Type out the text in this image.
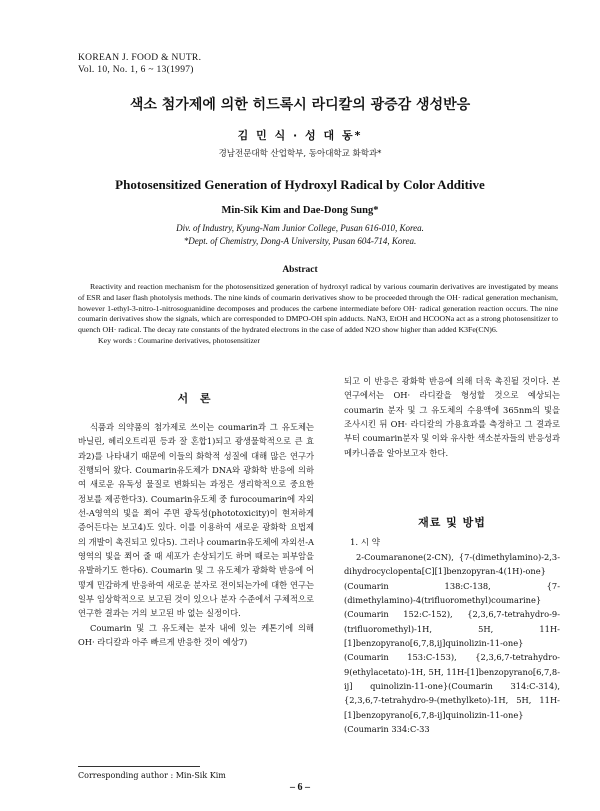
KOREAN J. FOOD & NUTR.
Vol. 10, No. 1, 6 ~ 13(1997)
색소 첨가제에 의한 히드록시 라디칼의 광증감 생성반응
김 민 식 · 성 대 동*
경남전문대학 산업학부, 동아대학교 화학과*
Photosensitized Generation of Hydroxyl Radical by Color Additive
Min-Sik Kim and Dae-Dong Sung*
Div. of Industry, Kyung-Nam Junior College, Pusan 616-010, Korea.
*Dept. of Chemistry, Dong-A University, Pusan 604-714, Korea.
Abstract

Reactivity and reaction mechanism for the photosensitized generation of hydroxyl radical by various coumarin derivatives are investigated by means of ESR and laser flash photolysis methods. The nine kinds of coumarin derivatives show to be proceeded through the OH· radical generation mechanism, however 1-ethyl-3-nitro-1-nitrosoguanidine decomposes and produces the carbene intermediate before OH· radical generation reaction occurs. The nine coumarin derivatives show the signals, which are corresponded to DMPO-OH spin adducts. NaN3, EtOH and HCOONa act as a strong photosensitizer to quench OH· radical. The decay rate constants of the hydrated electrons in the case of added N2O show higher than added K3Fe(CN)6.

Key words : Coumarine derivatives, photosensitizer

서 론

식품과 의약품의 첨가제로 쓰이는 coumarin과 그 유도체는 바닐린, 헤리오트리핀 등과 잘 혼합1)되고 광생물학적으로 큰 효과2)를 나타내기 때문에 이들의 화학적 성질에 대해 많은 연구가 진행되어 왔다. Coumarin유도체가 DNA와 광화학 반응에 의하여 새로운 유독성 물질로 변화되는 과정은 생리학적으로 중요한 정보를 제공한다3). Coumarin유도체 중 furocoumarin에 자외선-A영역의 빛을 쬐어 주면 광독성(phototoxicity)이 현저하게 증어든다는 보고4)도 있다. 이를 이용하여 새로운 광화학 요법제의 개발이 촉진되고 있다5). 그러나 coumarin유도체에 자외선-A영역의 빛을 쬐어 줄 때 세포가 손상되기도 하며 때로는 피부암을 유발하기도 한다6). Coumarin 및 그 유도체가 광화학 반응에 어떻게 민감하게 반응하여 새로운 분자로 전이되는가에 대한 연구는 일부 임상학적으로 보고된 것이 있으나 분자 수준에서 구체적으로 연구한 결과는 거의 보고된 바 없는 실정이다.

Coumarin 및 그 유도체는 분자 내에 있는 케톤기에 의해 OH· 라디칼과 아주 빠르게 반응한 것이 예상7)

되고 이 반응은 광화학 반응에 의해 더욱 촉진될 것이다. 본 연구에서는 OH· 라디칼을 형성할 것으로 예상되는 coumarin 분자 및 그 유도체의 수용액에 365nm의 빛을 조사시킨 뒤 OH· 라디칼의 가용효과를 측정하고 그 결과로부터 coumarin분자 및 이와 유사한 색소분자들의 반응성과 메카니즘을 알아보고자 한다.

재료 및 방법
1. 시 약

2-Coumaranone(2-CN), {7-(dimethylamino)-2,3-dihydrocyclopenta[C][1]benzopyran-4(1H)-one}(Coumarin 138:C-138, {7-(dimethylamino)-4(trifluoromethyl)coumarine}(Coumarin 152:C-152), {2,3,6,7-tetrahydro-9-(trifluoromethyl)-1H, 5H, 11H-[1]benzopyrano[6,7,8,ij]quinolizin-11-one}(Coumarin 153:C-153), {2,3,6,7-tetrahydro-9(ethylacetato)-1H, 5H, 11H-[1]benzopyrano[6,7,8-ij] quinolizin-11-one}(Coumarin 314:C-314), {2,3,6,7-tetrahydro-9-(methylketo)-1H, 5H, 11H-[1]benzopyrano[6,7,8-ij]quinolizin-11-one}(Coumarin 334:C-33

Corresponding author : Min-Sik Kim
– 6 –
